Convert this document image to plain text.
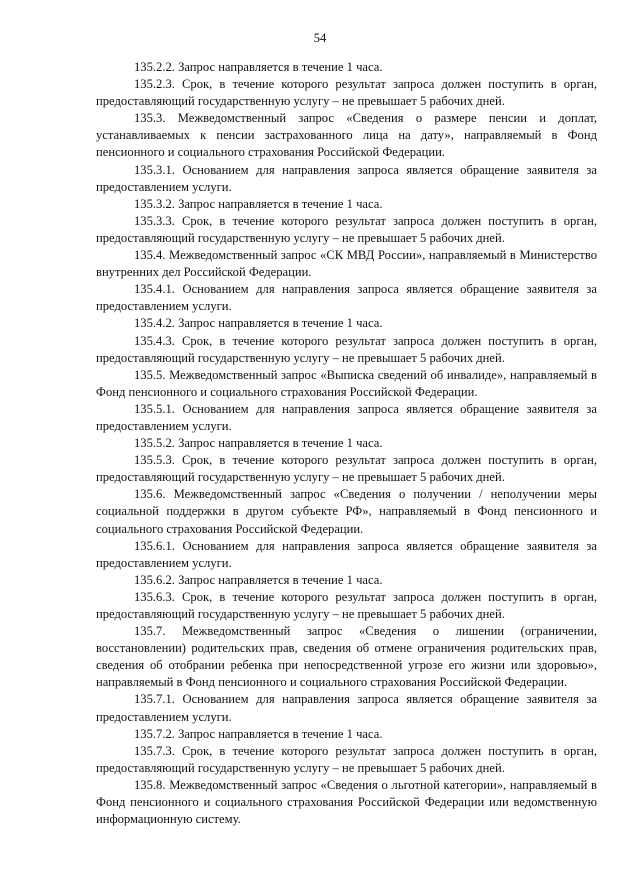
54

135.2.2. Запрос направляется в течение 1 часа.

135.2.3. Срок, в течение которого результат запроса должен поступить в орган, предоставляющий государственную услугу – не превышает 5 рабочих дней.

135.3. Межведомственный запрос «Сведения о размере пенсии и доплат, устанавливаемых к пенсии застрахованного лица на дату», направляемый в Фонд пенсионного и социального страхования Российской Федерации.

135.3.1. Основанием для направления запроса является обращение заявителя за предоставлением услуги.

135.3.2. Запрос направляется в течение 1 часа.

135.3.3. Срок, в течение которого результат запроса должен поступить в орган, предоставляющий государственную услугу – не превышает 5 рабочих дней.

135.4. Межведомственный запрос «СК МВД России», направляемый в Министерство внутренних дел Российской Федерации.

135.4.1. Основанием для направления запроса является обращение заявителя за предоставлением услуги.

135.4.2. Запрос направляется в течение 1 часа.

135.4.3. Срок, в течение которого результат запроса должен поступить в орган, предоставляющий государственную услугу – не превышает 5 рабочих дней.

135.5. Межведомственный запрос «Выписка сведений об инвалиде», направляемый в Фонд пенсионного и социального страхования Российской Федерации.

135.5.1. Основанием для направления запроса является обращение заявителя за предоставлением услуги.

135.5.2. Запрос направляется в течение 1 часа.

135.5.3. Срок, в течение которого результат запроса должен поступить в орган, предоставляющий государственную услугу – не превышает 5 рабочих дней.

135.6. Межведомственный запрос «Сведения о получении / неполучении меры социальной поддержки в другом субъекте РФ», направляемый в Фонд пенсионного и социального страхования Российской Федерации.

135.6.1. Основанием для направления запроса является обращение заявителя за предоставлением услуги.

135.6.2. Запрос направляется в течение 1 часа.

135.6.3. Срок, в течение которого результат запроса должен поступить в орган, предоставляющий государственную услугу – не превышает 5 рабочих дней.

135.7. Межведомственный запрос «Сведения о лишении (ограничении, восстановлении) родительских прав, сведения об отмене ограничения родительских прав, сведения об отобрании ребенка при непосредственной угрозе его жизни или здоровью», направляемый в Фонд пенсионного и социального страхования Российской Федерации.

135.7.1. Основанием для направления запроса является обращение заявителя за предоставлением услуги.

135.7.2. Запрос направляется в течение 1 часа.

135.7.3. Срок, в течение которого результат запроса должен поступить в орган, предоставляющий государственную услугу – не превышает 5 рабочих дней.

135.8. Межведомственный запрос «Сведения о льготной категории», направляемый в Фонд пенсионного и социального страхования Российской Федерации или ведомственную информационную систему.
